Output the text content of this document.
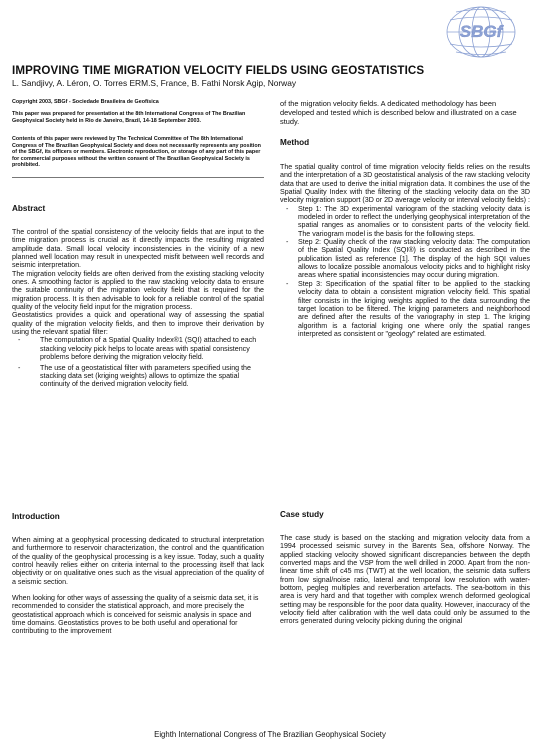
SBGf
IMPROVING TIME MIGRATION VELOCITY FIELDS USING GEOSTATISTICS
L. Sandjivy, A. Léron, O. Torres ERM.S, France, B. Fathi Norsk Agip, Norway

Copyright 2003, SBGf - Sociedade Brasileira de Geofísica

This paper was prepared for presentation at the 8th International Congress of The Brazilian Geophysical Society held in Rio de Janeiro, Brazil, 14-18 September 2003.

Contents of this paper were reviewed by The Technical Committee of The 8th International Congress of The Brazilian Geophysical Society and does not necessarily represents any position of the SBGf, its officers or members. Electronic reproduction, or storage of any part of this paper for commercial purposes without the written consent of The Brazilian Geophysical Society is prohibited.

Abstract

The control of the spatial consistency of the velocity fields that are input to the time migration process is crucial as it directly impacts the resulting migrated amplitude data. Small local velocity inconsistencies in the vicinity of a new planned well location may result in unexpected misfit between well records and seismic interpretation.

The migration velocity fields are often derived from the existing stacking velocity ones. A smoothing factor is applied to the raw stacking velocity data to ensure the suitable continuity of the migration velocity field that is required for the migration process. It is then advisable to look for a reliable control of the spatial quality of the velocity field input for the migration process.

Geostatistics provides a quick and operational way of assessing the spatial quality of the migration velocity fields, and then to improve their derivation by using the relevant spatial filter:

-	The computation of a Spatial Quality Index®1 (SQI) attached to each stacking velocity pick helps to locate areas with spatial consistency problems before deriving the migration velocity field.
-	The use of a geostatistical filter with parameters specified using the stacking data set (kriging weights) allows to optimize the spatial continuity of the derived migration velocity field.

Introduction

When aiming at a geophysical processing dedicated to structural interpretation and furthermore to reservoir characterization, the control and the quantification of the quality of the geophysical processing is a key issue. Today, such a quality control heavily relies either on criteria internal to the processing itself that lack objectivity or on qualitative ones such as the visual appreciation of the quality of a seismic section.

When looking for other ways of assessing the quality of a seismic data set, it is recommended to consider the statistical approach, and more precisely the geostatistical approach which is conceived for seismic analysis in space and time domains. Geostatistics proves to be both useful and operational for contributing to the improvement

of the migration velocity fields. A dedicated methodology has been developed and tested which is described below and illustrated on a case study.

Method

The spatial quality control of time migration velocity fields relies on the results and the interpretation of a 3D geostatistical analysis of the raw stacking velocity data that are used to derive the initial migration data. It combines the use of the Spatial Quality Index with the filtering of the stacking velocity data on the 3D velocity migration support (3D or 2D average velocity or interval velocity fields) :

- Step 1: The 3D experimental variogram of the stacking velocity data is modeled in order to reflect the underlying geophysical interpretation of the spatial ranges as anomalies or to consistent parts of the velocity field. The variogram model is the basis for the following steps.
- Step 2: Quality check of the raw stacking velocity data: The computation of the Spatial Quality Index (SQI®) is conducted as described in the publication listed as reference [1]. The display of the high SQI values allows to localize possible anomalous velocity picks and to highlight risky areas where spatial inconsistencies may occur during migration.
- Step 3: Specification of the spatial filter to be applied to the stacking velocity data to obtain a consistent migration velocity field. This spatial filter consists in the kriging weights applied to the data surrounding the target location to be filtered. The kriging parameters and neighborhood are defined after the results of the variography in step 1. The kriging algorithm is a factorial kriging one where only the spatial ranges interpreted as consistent or "geology" related are estimated.

Case study

The case study is based on the stacking and migration velocity data from a 1994 processed seismic survey in the Barents Sea, offshore Norway. The applied stacking velocity showed significant discrepancies between the depth converted maps and the VSP from the well drilled in 2000. Apart from the non-linear time shift of c45 ms (TWT) at the well location, the seismic data suffers from low signal/noise ratio, lateral and temporal low resolution with water-bottom, pegleg multiples and reverberation artefacts. The sea-bottom in this area is very hard and that together with complex wrench deformed geological setting may be responsible for the poor data quality. However, inaccuracy of the velocity field after calibration with the well data could only be assumed to the errors generated during velocity picking during the original

Eighth International Congress of The Brazilian Geophysical Society
